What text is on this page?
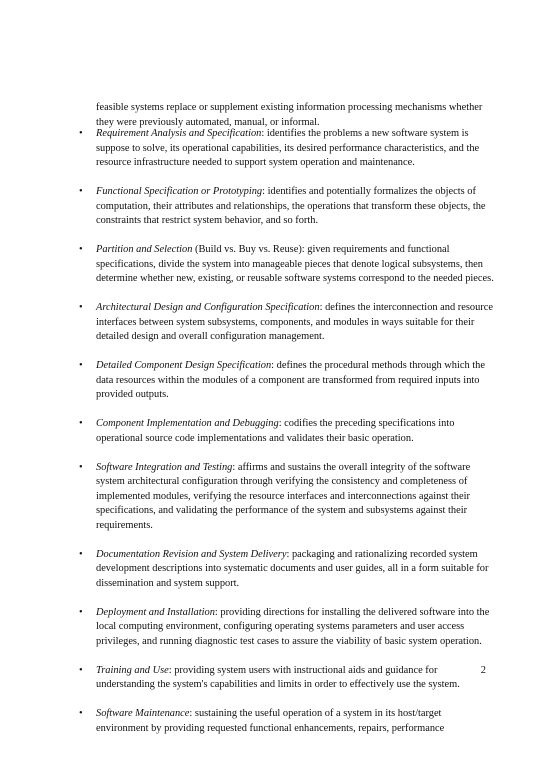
feasible systems replace or supplement existing information processing mechanisms whether they were previously automated, manual, or informal.

• Requirement Analysis and Specification: identifies the problems a new software system is suppose to solve, its operational capabilities, its desired performance characteristics, and the resource infrastructure needed to support system operation and maintenance.

• Functional Specification or Prototyping: identifies and potentially formalizes the objects of computation, their attributes and relationships, the operations that transform these objects, the constraints that restrict system behavior, and so forth.

• Partition and Selection (Build vs. Buy vs. Reuse): given requirements and functional specifications, divide the system into manageable pieces that denote logical subsystems, then determine whether new, existing, or reusable software systems correspond to the needed pieces.

• Architectural Design and Configuration Specification: defines the interconnection and resource interfaces between system subsystems, components, and modules in ways suitable for their detailed design and overall configuration management.

• Detailed Component Design Specification: defines the procedural methods through which the data resources within the modules of a component are transformed from required inputs into provided outputs.

• Component Implementation and Debugging: codifies the preceding specifications into operational source code implementations and validates their basic operation.

• Software Integration and Testing: affirms and sustains the overall integrity of the software system architectural configuration through verifying the consistency and completeness of implemented modules, verifying the resource interfaces and interconnections against their specifications, and validating the performance of the system and subsystems against their requirements.

• Documentation Revision and System Delivery: packaging and rationalizing recorded system development descriptions into systematic documents and user guides, all in a form suitable for dissemination and system support.

• Deployment and Installation: providing directions for installing the delivered software into the local computing environment, configuring operating systems parameters and user access privileges, and running diagnostic test cases to assure the viability of basic system operation.

• Training and Use: providing system users with instructional aids and guidance for understanding the system's capabilities and limits in order to effectively use the system.

• Software Maintenance: sustaining the useful operation of a system in its host/target environment by providing requested functional enhancements, repairs, performance

2
